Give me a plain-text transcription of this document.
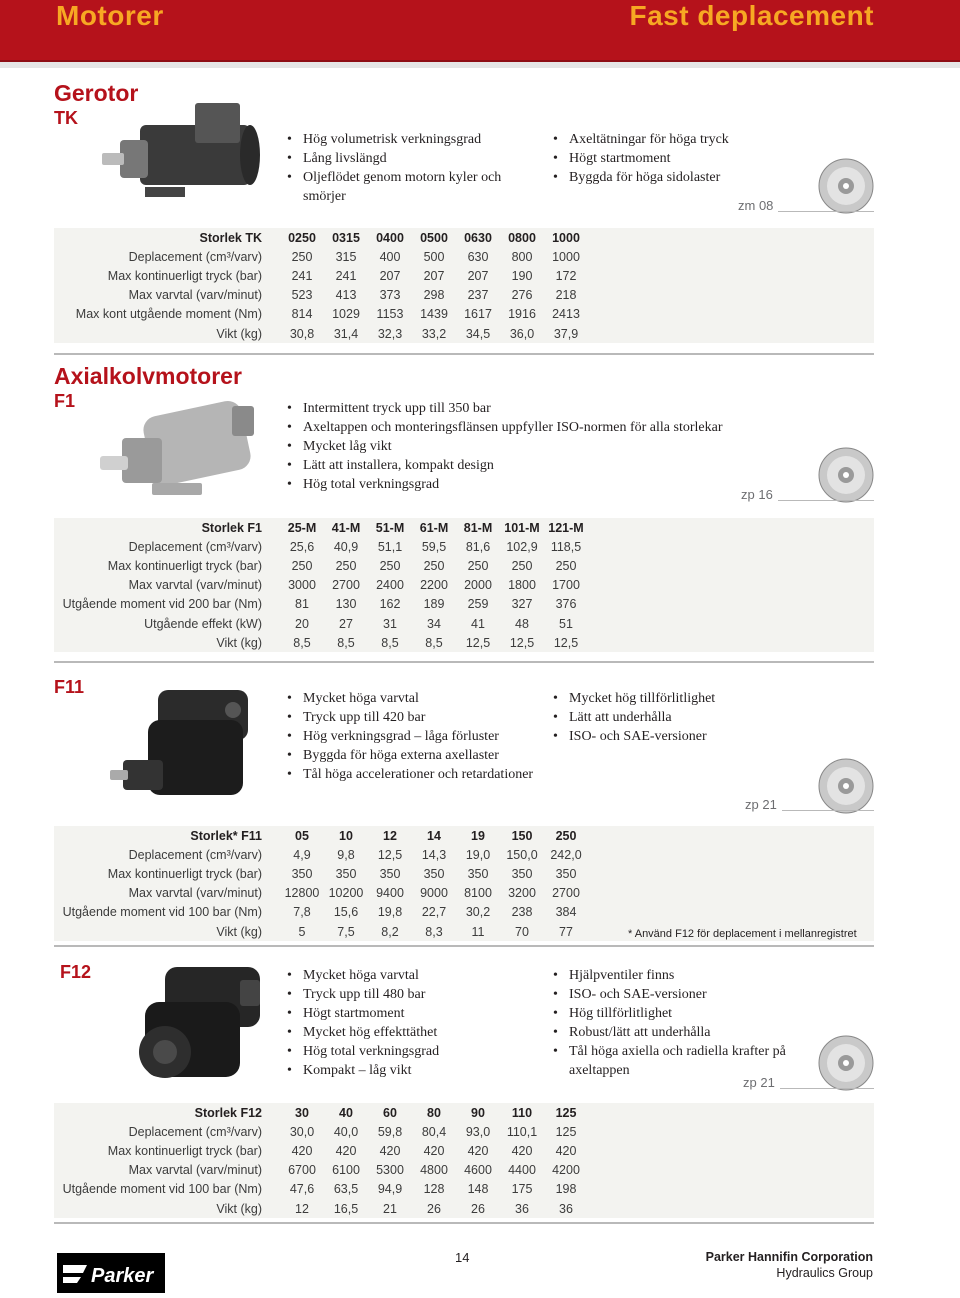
Motorer	Fast deplacement
Gerotor
TK
• Hög volumetrisk verkningsgrad
• Lång livslängd
• Oljeflödet genom motorn kyler och smörjer
• Axeltätningar för höga tryck
• Högt startmoment
• Byggda för höga sidolaster
zm 08
Storlek TK	0250	0315	0400	0500	0630	0800	1000	
Deplacement (cm³/varv)	250	315	400	500	630	800	1000	
Max kontinuerligt tryck (bar)	241	241	207	207	207	190	172	
Max varvtal (varv/minut)	523	413	373	298	237	276	218	
Max kont utgående moment (Nm)	814	1029	1153	1439	1617	1916	2413	
Vikt (kg)	30,8	31,4	32,3	33,2	34,5	36,0	37,9	
Axialkolvmotorer
F1	• Intermittent tryck upp till 350 bar
• Axeltappen och monteringsflänsen uppfyller ISO-normen för alla storlekar
• Mycket låg vikt
• Lätt att installera, kompakt design
• Hög total verkningsgrad
zp 16
Storlek F1	25-M	41-M	51-M	61-M	81-M	101-M	121-M	
Deplacement (cm³/varv)	25,6	40,9	51,1	59,5	81,6	102,9	118,5	
Max kontinuerligt tryck (bar)	250	250	250	250	250	250	250	
Max varvtal (varv/minut)	3000	2700	2400	2200	2000	1800	1700	
Utgående moment vid 200 bar (Nm)	81	130	162	189	259	327	376	
Utgående effekt (kW)	20	27	31	34	41	48	51	
Vikt (kg)	8,5	8,5	8,5	8,5	12,5	12,5	12,5	
F11
• Mycket höga varvtal
• Tryck upp till 420 bar
• Hög verkningsgrad – låga förluster
• Byggda för höga externa axellaster
• Tål höga accelerationer och retardationer
• Mycket hög tillförlitlighet
• Lätt att underhålla
• ISO- och SAE-versioner
zp 21
Storlek* F11	05	10	12	14	19	150	250	
Deplacement (cm³/varv)	4,9	9,8	12,5	14,3	19,0	150,0	242,0	
Max kontinuerligt tryck (bar)	350	350	350	350	350	350	350	
Max varvtal (varv/minut)	12800	10200	9400	9000	8100	3200	2700	
Utgående moment vid 100 bar (Nm)	7,8	15,6	19,8	22,7	30,2	238	384	
Vikt (kg)	5	7,5	8,2	8,3	11	70	77		* Använd F12 för deplacement i mellanregistret
F12	• Mycket höga varvtal
• Tryck upp till 480 bar
• Högt startmoment
• Mycket hög effekttäthet
• Hög total verkningsgrad
• Kompakt – låg vikt
• Hjälpventiler finns
• ISO- och SAE-versioner
• Hög tillförlitlighet
• Robust/lätt att underhålla
• Tål höga axiella och radiella krafter på axeltappen
zp 21
Storlek F12	30	40	60	80	90	110	125	
Deplacement (cm³/varv)	30,0	40,0	59,8	80,4	93,0	110,1	125	
Max kontinuerligt tryck (bar)	420	420	420	420	420	420	420	
Max varvtal (varv/minut)	6700	6100	5300	4800	4600	4400	4200	
Utgående moment vid 100 bar (Nm)	47,6	63,5	94,9	128	148	175	198	
Vikt (kg)	12	16,5	21	26	26	36	36	
Parker
14	Parker Hannifin Corporation
Hydraulics Group
